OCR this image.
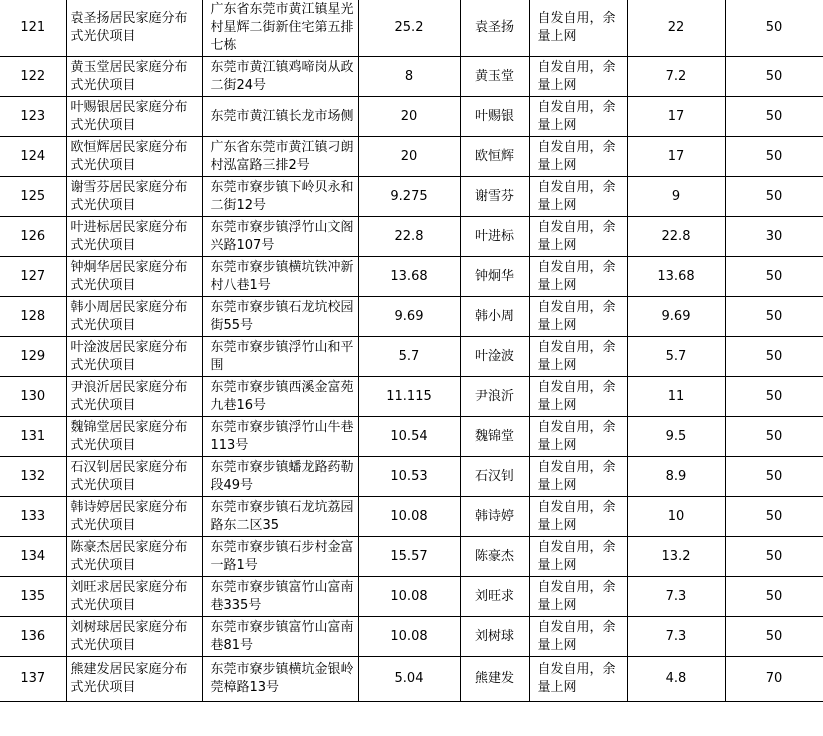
121	袁圣扬居民家庭分布式光伏项目	广东省东莞市黄江镇星光村星辉二街新住宅第五排七栋	25.2	袁圣扬	自发自用，余量上网	22	50
122	黄玉堂居民家庭分布式光伏项目	东莞市黄江镇鸡啼岗从政二街24号	8	黄玉堂	自发自用，余量上网	7.2	50
123	叶赐银居民家庭分布式光伏项目	东莞市黄江镇长龙市场侧	20	叶赐银	自发自用，余量上网	17	50
124	欧恒辉居民家庭分布式光伏项目	广东省东莞市黄江镇刁朗村泓富路三排2号	20	欧恒辉	自发自用，余量上网	17	50
125	谢雪芬居民家庭分布式光伏项目	东莞市寮步镇下岭贝永和二街12号	9.275	谢雪芬	自发自用，余量上网	9	50
126	叶进标居民家庭分布式光伏项目	东莞市寮步镇浮竹山文阁兴路107号	22.8	叶进标	自发自用，余量上网	22.8	30
127	钟炯华居民家庭分布式光伏项目	东莞市寮步镇横坑铁冲新村八巷1号	13.68	钟炯华	自发自用，余量上网	13.68	50
128	韩小周居民家庭分布式光伏项目	东莞市寮步镇石龙坑校园街55号	9.69	韩小周	自发自用，余量上网	9.69	50
129	叶淦波居民家庭分布式光伏项目	东莞市寮步镇浮竹山和平围	5.7	叶淦波	自发自用，余量上网	5.7	50
130	尹浪沂居民家庭分布式光伏项目	东莞市寮步镇西溪金富苑九巷16号	11.115	尹浪沂	自发自用，余量上网	11	50
131	魏锦堂居民家庭分布式光伏项目	东莞市寮步镇浮竹山牛巷113号	10.54	魏锦堂	自发自用，余量上网	9.5	50
132	石汉钊居民家庭分布式光伏项目	东莞市寮步镇蟠龙路药勒段49号	10.53	石汉钊	自发自用，余量上网	8.9	50
133	韩诗婷居民家庭分布式光伏项目	东莞市寮步镇石龙坑荔园路东二区35	10.08	韩诗婷	自发自用，余量上网	10	50
134	陈豪杰居民家庭分布式光伏项目	东莞市寮步镇石步村金富一路1号	15.57	陈豪杰	自发自用，余量上网	13.2	50
135	刘旺求居民家庭分布式光伏项目	东莞市寮步镇富竹山富南巷335号	10.08	刘旺求	自发自用，余量上网	7.3	50
136	刘树球居民家庭分布式光伏项目	东莞市寮步镇富竹山富南巷81号	10.08	刘树球	自发自用，余量上网	7.3	50
137	熊建发居民家庭分布式光伏项目	东莞市寮步镇横坑金银岭莞樟路13号	5.04	熊建发	自发自用，余量上网	4.8	70
